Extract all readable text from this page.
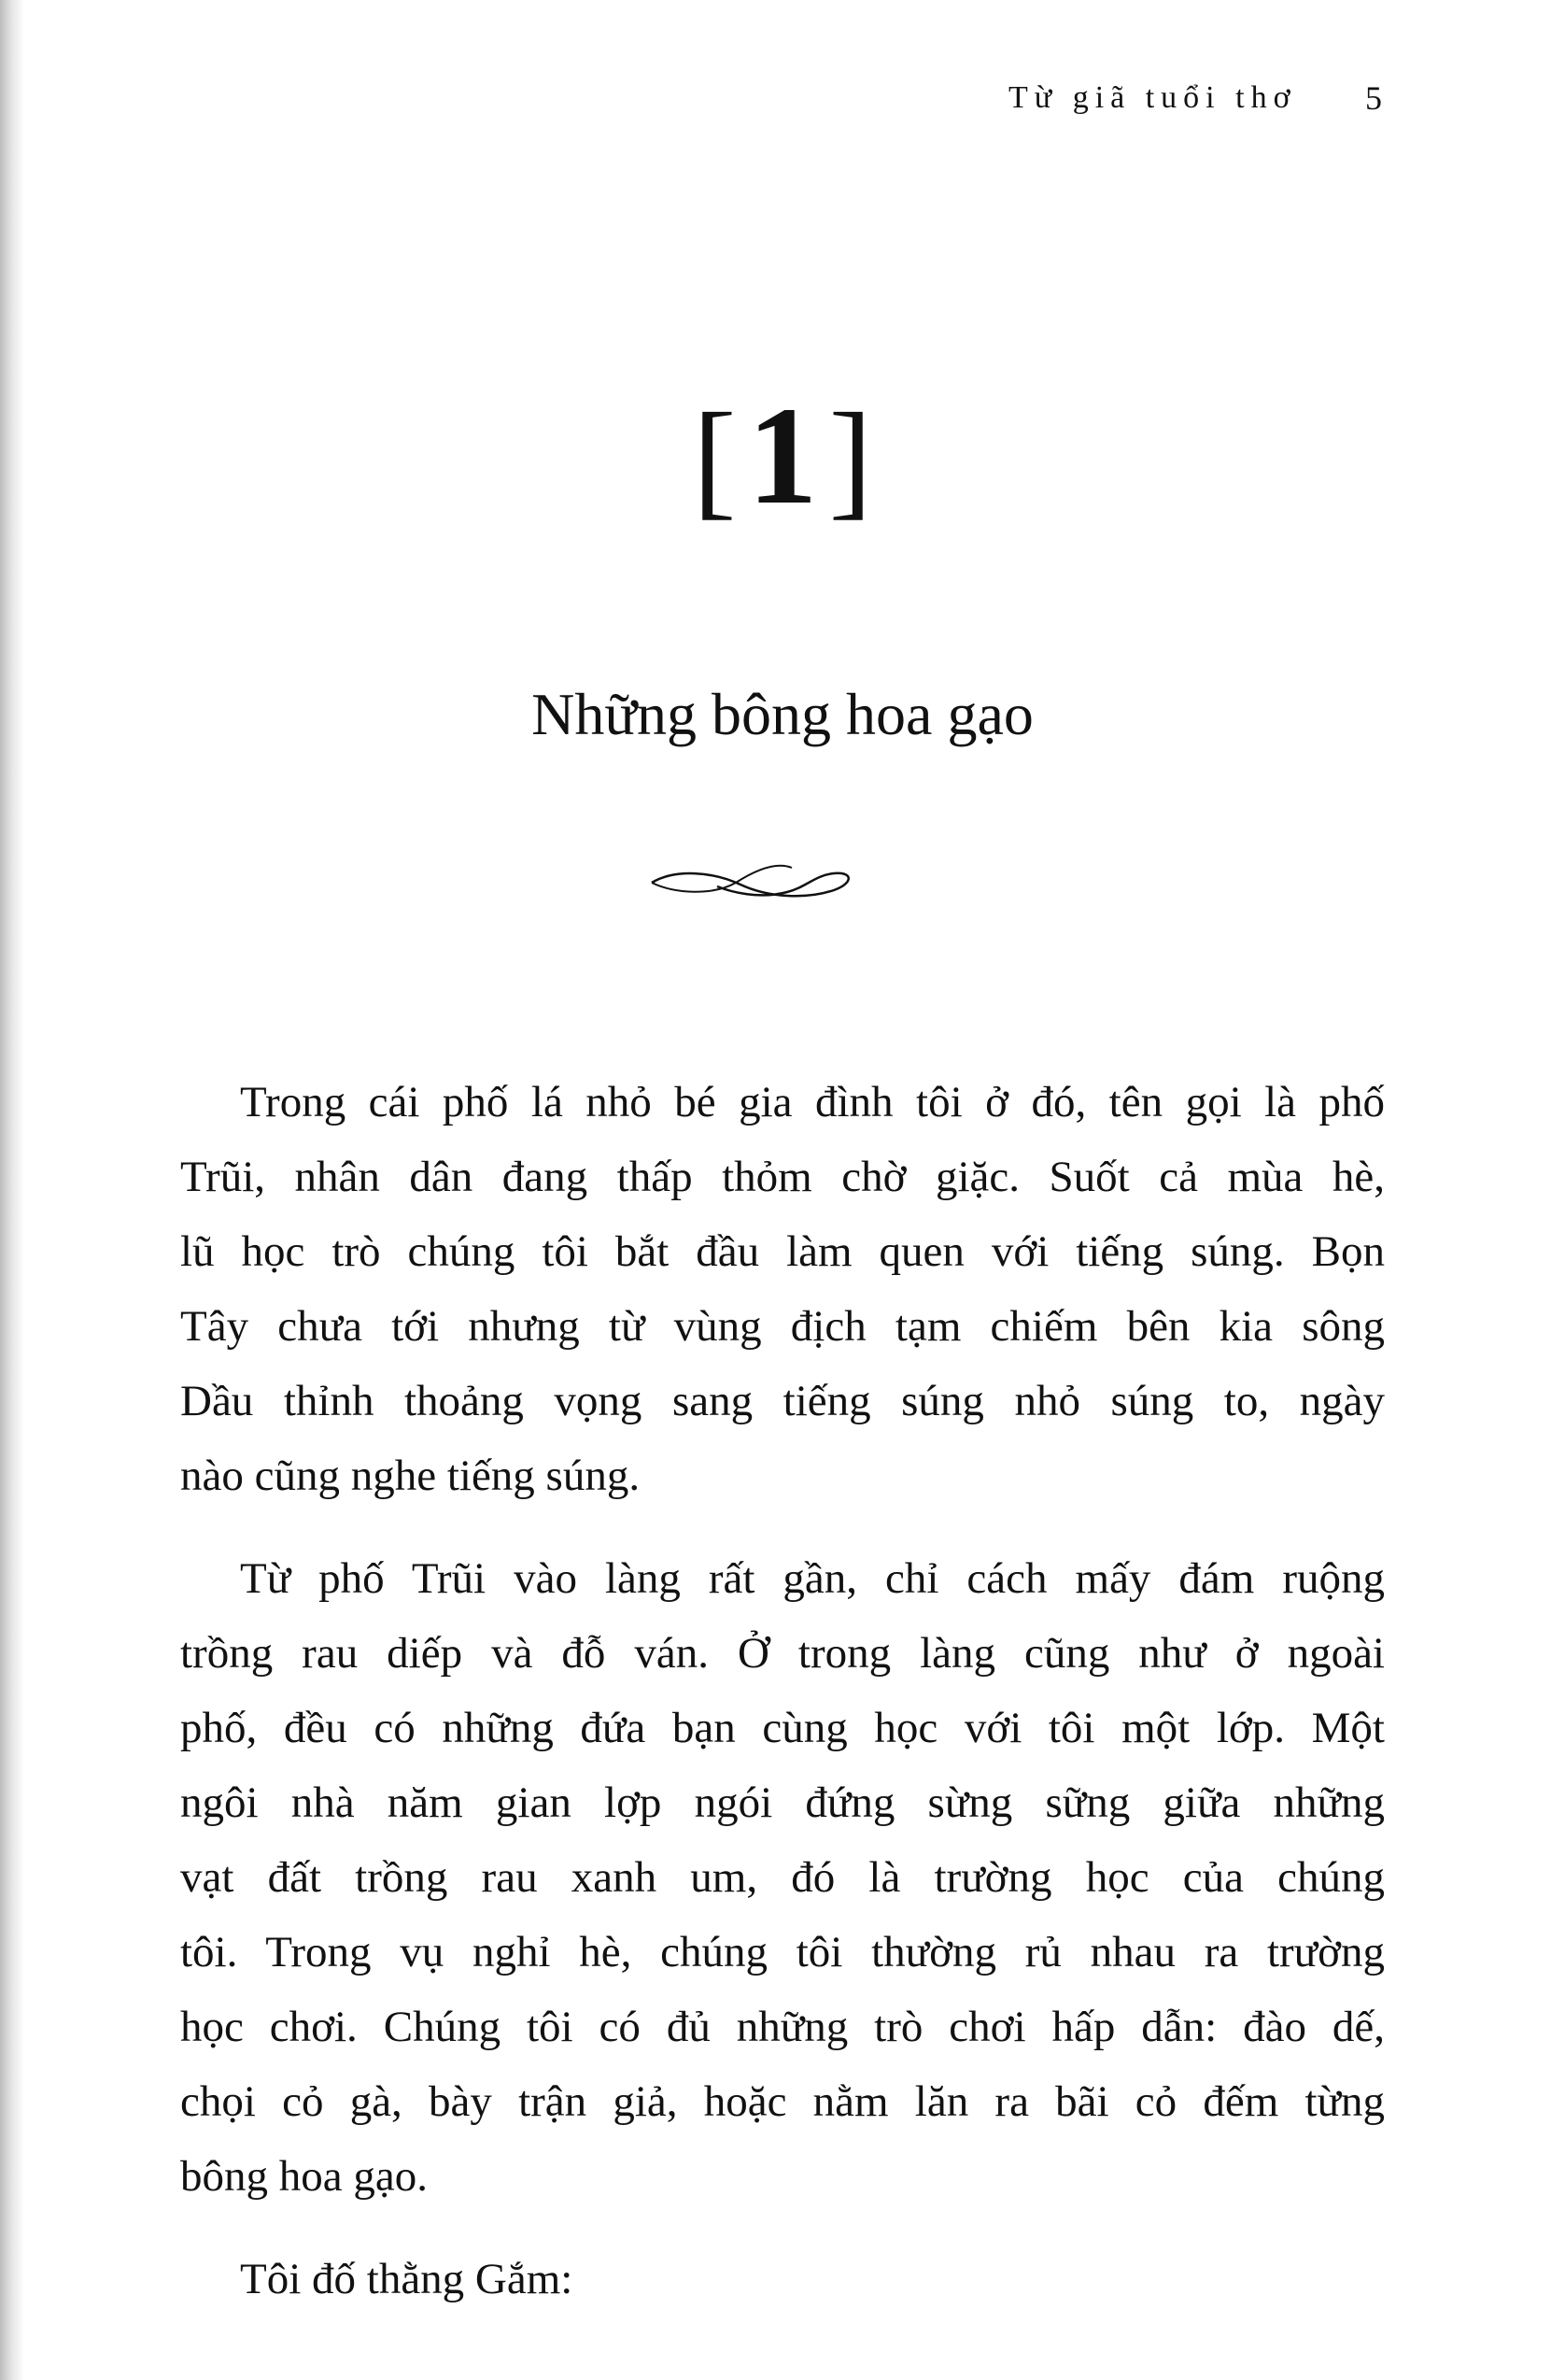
Từ giã tuổi thơ 5
[1]
Những bông hoa gạo
Trong cái phố lá nhỏ bé gia đình tôi ở đó, tên gọi là phố
Trũi, nhân dân đang thấp thỏm chờ giặc. Suốt cả mùa hè,
lũ học trò chúng tôi bắt đầu làm quen với tiếng súng. Bọn
Tây chưa tới nhưng từ vùng địch tạm chiếm bên kia sông
Dầu thỉnh thoảng vọng sang tiếng súng nhỏ súng to, ngày
nào cũng nghe tiếng súng.
Từ phố Trũi vào làng rất gần, chỉ cách mấy đám ruộng
trồng rau diếp và đỗ ván. Ở trong làng cũng như ở ngoài
phố, đều có những đứa bạn cùng học với tôi một lớp. Một
ngôi nhà năm gian lợp ngói đứng sừng sững giữa những
vạt đất trồng rau xanh um, đó là trường học của chúng
tôi. Trong vụ nghỉ hè, chúng tôi thường rủ nhau ra trường
học chơi. Chúng tôi có đủ những trò chơi hấp dẫn: đào dế,
chọi cỏ gà, bày trận giả, hoặc nằm lăn ra bãi cỏ đếm từng
bông hoa gạo.
Tôi đố thằng Gắm:
